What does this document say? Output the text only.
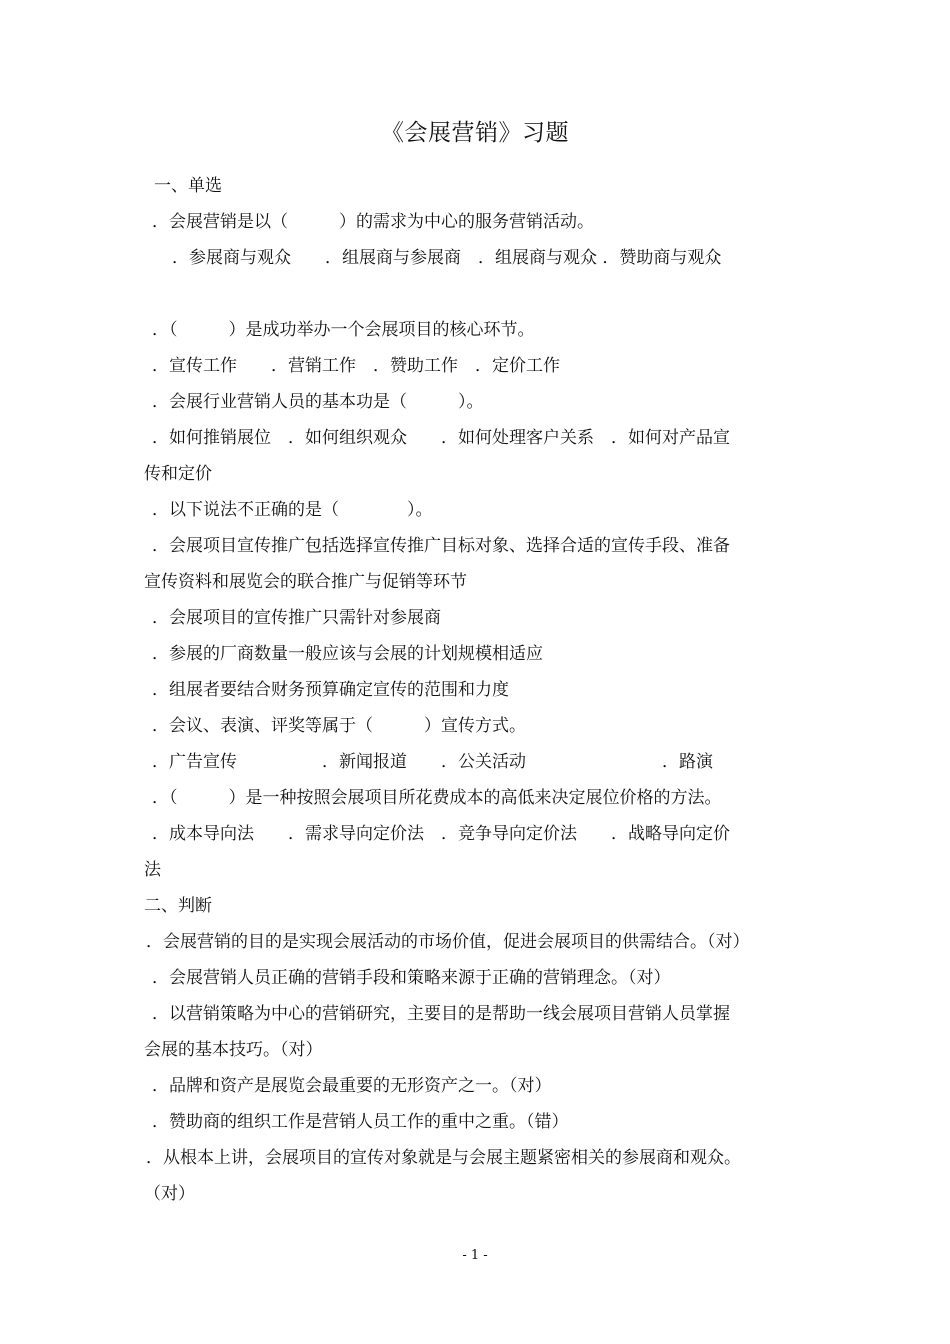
《会展营销》习题
一、单选
．会展营销是以（　　　）的需求为中心的服务营销活动。
．参展商与观众　　．组展商与参展商　．组展商与观众 ．赞助商与观众
．（　　　）是成功举办一个会展项目的核心环节。
．宣传工作　　．营销工作　．赞助工作　．定价工作
．会展行业营销人员的基本功是（　　　）。
．如何推销展位　．如何组织观众　　．如何处理客户关系　．如何对产品宣
传和定价
．以下说法不正确的是（　　　　）。
．会展项目宣传推广包括选择宣传推广目标对象、选择合适的宣传手段、准备
宣传资料和展览会的联合推广与促销等环节
．会展项目的宣传推广只需针对参展商
．参展的厂商数量一般应该与会展的计划规模相适应
．组展者要结合财务预算确定宣传的范围和力度
．会议、表演、评奖等属于（　　　）宣传方式。
．广告宣传　　　　　．新闻报道　　．公关活动　　　　　　　　．路演
．（　　　）是一种按照会展项目所花费成本的高低来决定展位价格的方法。
．成本导向法　　．需求导向定价法　．竞争导向定价法　　．战略导向定价
法
二、判断
．会展营销的目的是实现会展活动的市场价值，促进会展项目的供需结合。（对）
．会展营销人员正确的营销手段和策略来源于正确的营销理念。（对）
．以营销策略为中心的营销研究，主要目的是帮助一线会展项目营销人员掌握
会展的基本技巧。（对）
．品牌和资产是展览会最重要的无形资产之一。（对）
．赞助商的组织工作是营销人员工作的重中之重。（错）
．从根本上讲，会展项目的宣传对象就是与会展主题紧密相关的参展商和观众。
（对）
- 1 -
